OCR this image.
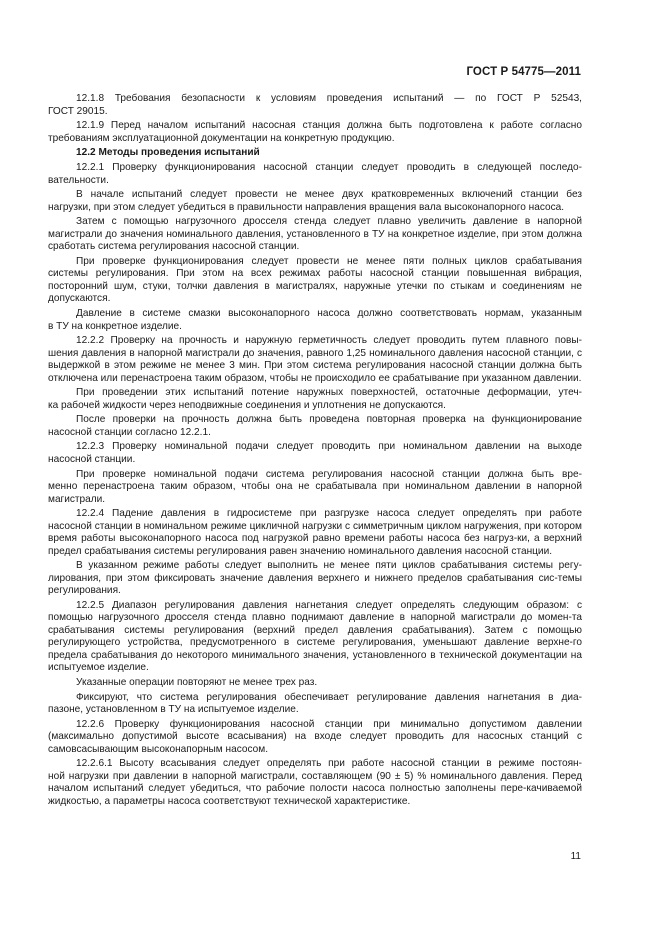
ГОСТ Р 54775—2011
12.1.8 Требования безопасности к условиям проведения испытаний — по ГОСТ Р 52543,
ГОСТ 29015.
12.1.9 Перед началом испытаний насосная станция должна быть подготовлена к работе согласно
требованиям эксплуатационной документации на конкретную продукцию.
12.2 Методы проведения испытаний
12.2.1 Проверку функционирования насосной станции следует проводить в следующей последо-
вательности.
В начале испытаний следует провести не менее двух кратковременных включений станции без
нагрузки, при этом следует убедиться в правильности направления вращения вала высоконапорного насоса.
Затем с помощью нагрузочного дросселя стенда следует плавно увеличить давление в напорной
магистрали до значения номинального давления, установленного в ТУ на конкретное изделие, при этом должна сработать система регулирования насосной станции.
При проверке функционирования следует провести не менее пяти полных циклов срабатывания
системы регулирования. При этом на всех режимах работы насосной станции повышенная вибрация, посторонний шум, стуки, толчки давления в магистралях, наружные утечки по стыкам и соединениям не допускаются.
Давление в системе смазки высоконапорного насоса должно соответствовать нормам, указанным
в ТУ на конкретное изделие.
12.2.2 Проверку на прочность и наружную герметичность следует проводить путем плавного повы-
шения давления в напорной магистрали до значения, равного 1,25 номинального давления насосной станции, с выдержкой в этом режиме не менее 3 мин. При этом система регулирования насосной станции должна быть отключена или перенастроена таким образом, чтобы не происходило ее срабатывание при указанном давлении.
При проведении этих испытаний потение наружных поверхностей, остаточные деформации, утеч-
ка рабочей жидкости через неподвижные соединения и уплотнения не допускаются.
После проверки на прочность должна быть проведена повторная проверка на функционирование
насосной станции согласно 12.2.1.
12.2.3 Проверку номинальной подачи следует проводить при номинальном давлении на выходе
насосной станции.
При проверке номинальной подачи система регулирования насосной станции должна быть вре-
менно перенастроена таким образом, чтобы она не срабатывала при номинальном давлении в напорной магистрали.
12.2.4 Падение давления в гидросистеме при разгрузке насоса следует определять при работе
насосной станции в номинальном режиме цикличной нагрузки с симметричным циклом нагружения, при котором время работы высоконапорного насоса под нагрузкой равно времени работы насоса без нагруз-ки, а верхний предел срабатывания системы регулирования равен значению номинального давления насосной станции.
В указанном режиме работы следует выполнить не менее пяти циклов срабатывания системы регу-
лирования, при этом фиксировать значение давления верхнего и нижнего пределов срабатывания сис-темы регулирования.
12.2.5 Диапазон регулирования давления нагнетания следует определять следующим образом: с
помощью нагрузочного дросселя стенда плавно поднимают давление в напорной магистрали до момен-та срабатывания системы регулирования (верхний предел давления срабатывания). Затем с помощью регулирующего устройства, предусмотренного в системе регулирования, уменьшают давление верхне-го предела срабатывания до некоторого минимального значения, установленного в технической документации на испытуемое изделие.
Указанные операции повторяют не менее трех раз.
Фиксируют, что система регулирования обеспечивает регулирование давления нагнетания в диа-
пазоне, установленном в ТУ на испытуемое изделие.
12.2.6 Проверку функционирования насосной станции при минимально допустимом давлении
(максимально допустимой высоте всасывания) на входе следует проводить для насосных станций с самовсасывающим высоконапорным насосом.
12.2.6.1 Высоту всасывания следует определять при работе насосной станции в режиме постоян-
ной нагрузки при давлении в напорной магистрали, составляющем (90 ± 5) % номинального давления. Перед началом испытаний следует убедиться, что рабочие полости насоса полностью заполнены пере-качиваемой жидкостью, а параметры насоса соответствуют технической характеристике.
11
